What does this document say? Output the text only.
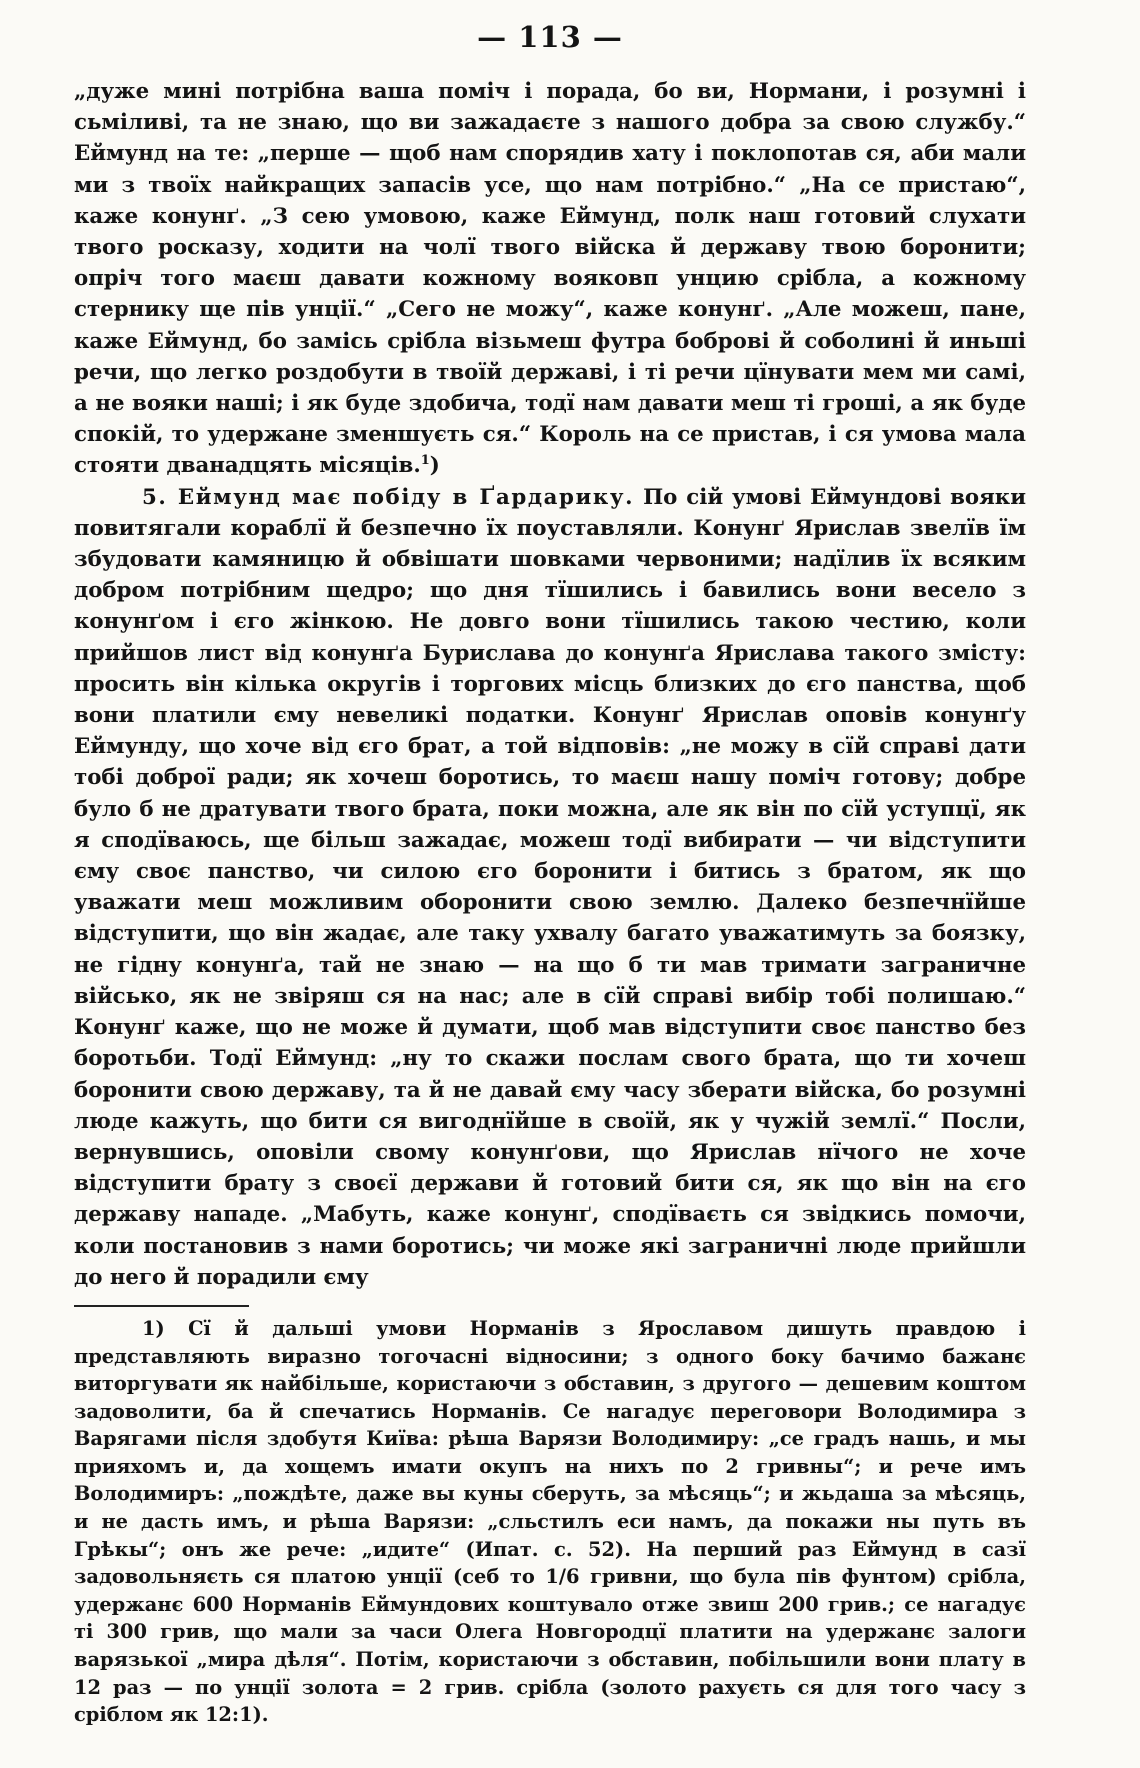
— 113 —

„дуже мині потрібна ваша поміч і порада, бо ви, Нормани, і розумні і сьміливі, та не знаю, що ви зажадаєте з нашого добра за свою службу.“ Еймунд на те: „перше — щоб нам спорядив хату і поклопотав ся, аби мали ми з твоїх найкращих запасів усе, що нам потрібно.“ „На се пристаю“, каже конунґ. „З сею умовою, каже Еймунд, полк наш готовий слухати твого росказу, ходити на чолї твого війска й державу твою боронити; опріч того маєш давати кожному вояковп унцию срібла, а кожному стернику ще пів унції.“ „Сего не можу“, каже конунґ. „Але можеш, пане, каже Еймунд, бо замісь срібла візьмеш футра боброві й соболині й иньші речи, що легко роздобути в твоїй державі, і ті речи цїнувати мем ми самі, а не вояки наші; і як буде здобича, тодї нам давати меш ті гроші, а як буде спокій, то удержане зменшуєть ся.“ Король на се пристав, і ся умова мала стояти дванадцять місяців.$^1$)

5. Еймунд має побіду в Ґардарику. По сій умові Еймундові вояки повитягали кораблї й безпечно їх поуставляли. Конунґ Ярислав звелїв їм збудовати камяницю й обвішати шовками червоними; надїлив їх всяким добром потрібним щедро; що дня тїшились і бавились вони весело з конунґом і єго жінкою. Не довго вони тїшились такою честию, коли прийшов лист від конунґа Бурислава до конунґа Ярислава такого змісту: просить він кілька округів і торгових місць близких до єго панства, щоб вони платили єму невеликі податки. Конунґ Ярислав оповів конунґу Еймунду, що хоче від єго брат, а той відповів: „не можу в сїй справі дати тобі доброї ради; як хочеш боротись, то маєш нашу поміч готову; добре було б не дратувати твого брата, поки можна, але як він по сїй уступцї, як я сподїваюсь, ще більш зажадає, можеш тодї вибирати — чи відступити єму своє панство, чи силою єго боронити і битись з братом, як що уважати меш можливим оборонити свою землю. Далеко безпечнїйше відступити, що він жадає, але таку ухвалу багато уважатимуть за боязку, не гідну конунґа, тай не знаю — на що б ти мав тримати заграничне військо, як не звіряш ся на нас; але в сїй справі вибір тобі полишаю.“ Конунґ каже, що не може й думати, щоб мав відступити своє панство без боротьби. Тодї Еймунд: „ну то скажи послам свого брата, що ти хочеш боронити свою державу, та й не давай єму часу зберати війска, бо розумні люде кажуть, що бити ся вигоднїйше в своїй, як у чужій землї.“ Посли, вернувшись, оповіли свому конунґови, що Ярислав нїчого не хоче відступити брату з своєї держави й готовий бити ся, як що він на єго державу нападе. „Мабуть, каже конунґ, сподїваєть ся звідкись помочи, коли постановив з нами боротись; чи може які заграничні люде прийшли до него й порадили єму

1) Сї й дальші умови Норманів з Ярославом дишуть правдою і представляють виразно тогочасні відносини; з одного боку бачимо бажанє виторгувати як найбільше, користаючи з обставин, з другого — дешевим коштом задоволити, ба й спечатись Норманів. Се нагадує переговори Володимира з Варягами після здобутя Київа: рѣша Варязи Володимиру: „се градъ нашь, и мы прияхомъ и, да хощемъ имати окупъ на нихъ по 2 гривны“; и рече имъ Володимиръ: „пождѣте, даже вы куны сберуть, за мѣсяць“; и жьдаша за мѣсяць, и не дасть имъ, и рѣша Варязи: „сльстилъ еси намъ, да покажи ны путь въ Грѣкы“; онъ же рече: „идите“ (Ипат. с. 52). На перший раз Еймунд в сазї задовольняєть ся платою унції (себ то 1/6 гривни, що була пів фунтом) срібла, удержанє 600 Норманів Еймундових коштувало отже звиш 200 грив.; се нагадує ті 300 грив, що мали за часи Олега Новгородцї платити на удержанє залоги варязької „мира дѣля“. Потім, користаючи з обставин, побільшили вони плату в 12 раз — по унції золота = 2 грив. срібла (золото рахуєть ся для того часу з сріблом як 12:1).
